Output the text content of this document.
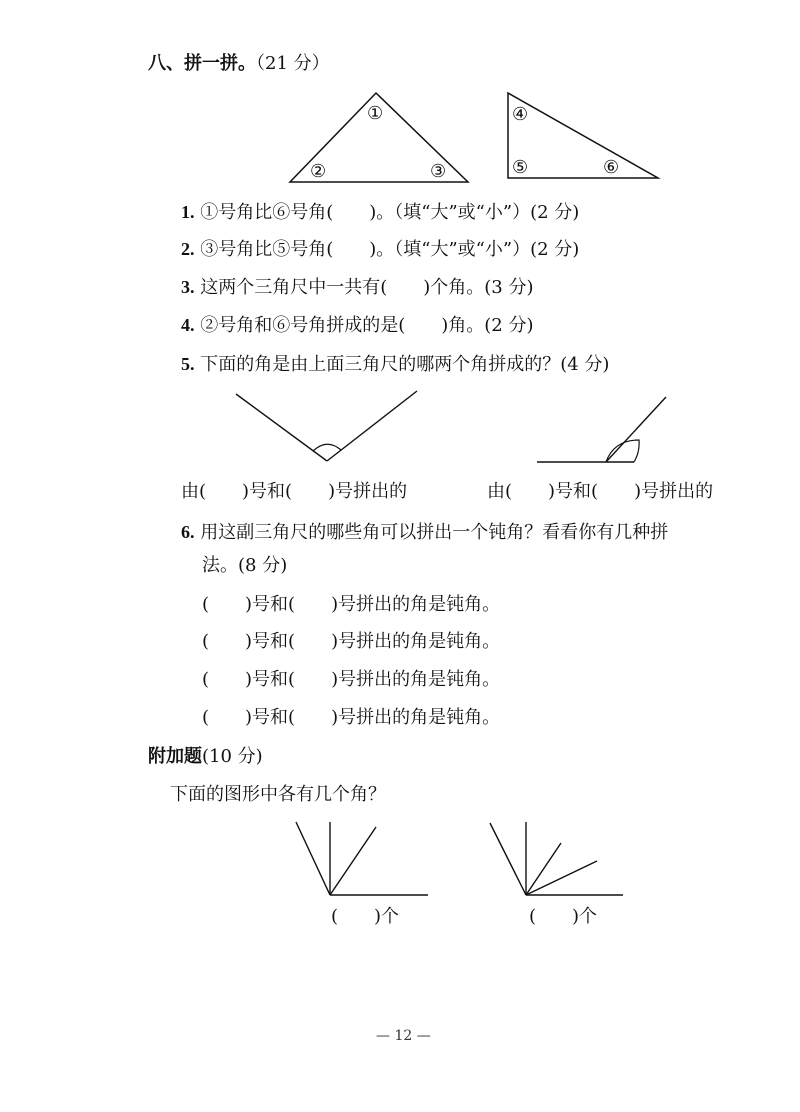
八、拼一拼。（21 分）
①
②	③
④
⑤	⑥
1. ①号角比⑥号角(　　)。（填“大”或“小”）(2 分)
2. ③号角比⑤号角(　　)。（填“大”或“小”）(2 分)
3. 这两个三角尺中一共有(　　)个角。(3 分)
4. ②号角和⑥号角拼成的是(　　)角。(2 分)
5. 下面的角是由上面三角尺的哪两个角拼成的？(4 分)
由(　　)号和(　　)号拼出的	由(　　)号和(　　)号拼出的
6. 用这副三角尺的哪些角可以拼出一个钝角？看看你有几种拼
法。(8 分)
(　　)号和(　　)号拼出的角是钝角。
(　　)号和(　　)号拼出的角是钝角。
(　　)号和(　　)号拼出的角是钝角。
(　　)号和(　　)号拼出的角是钝角。
附加题(10 分)
下面的图形中各有几个角？
(　　)个	(　　)个
— 12 —
